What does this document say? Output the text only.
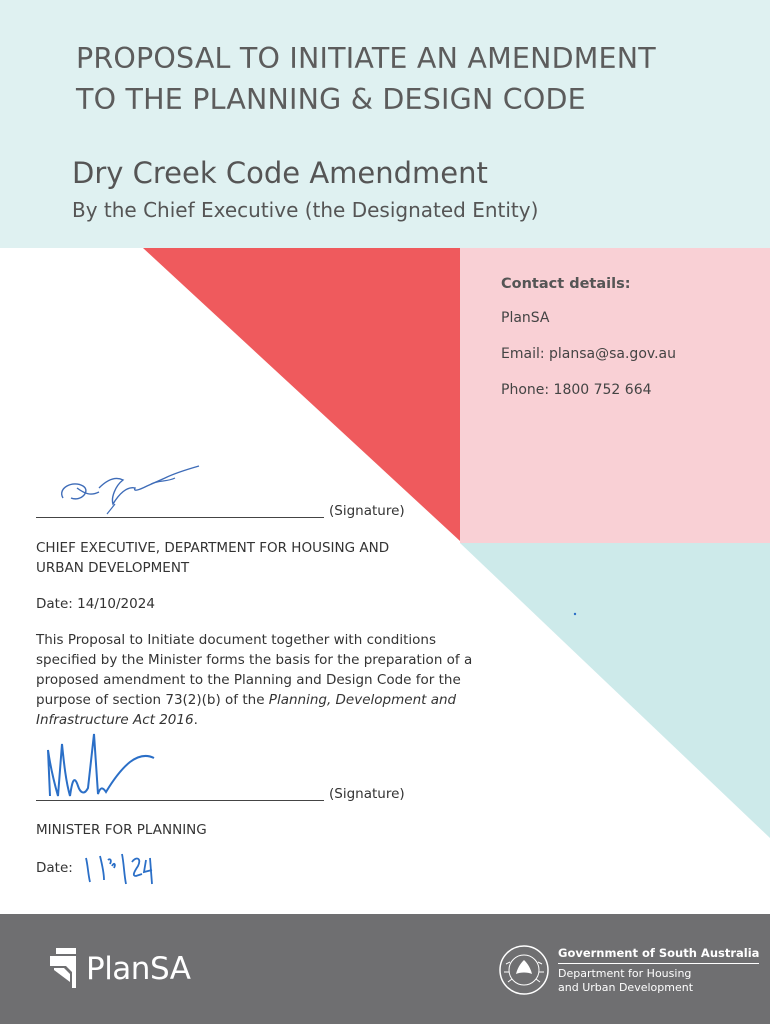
PROPOSAL TO INITIATE AN AMENDMENT
TO THE PLANNING & DESIGN CODE
Dry Creek Code Amendment
By the Chief Executive (the Designated Entity)
Contact details:
PlanSA
Email: plansa@sa.gov.au
Phone: 1800 752 664
(Signature)
CHIEF EXECUTIVE, DEPARTMENT FOR HOUSING AND
URBAN DEVELOPMENT
Date: 14/10/2024
This Proposal to Initiate document together with conditions
specified by the Minister forms the basis for the preparation of a
proposed amendment to the Planning and Design Code for the
purpose of section 73(2)(b) of the Planning, Development and
Infrastructure Act 2016.
(Signature)
MINISTER FOR PLANNING
Date:
PlanSA	Government of South Australia
Department for Housing
and Urban Development
